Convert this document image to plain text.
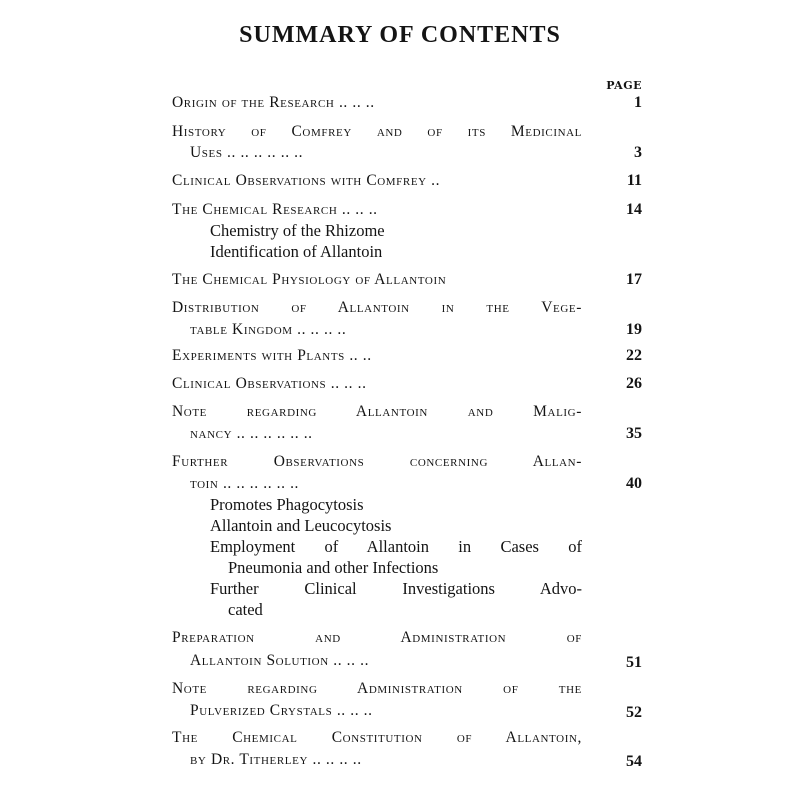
SUMMARY OF CONTENTS
PAGE
Origin of the Research .. .. ..	1
History of Comfrey and of its Medicinal
Uses .. .. .. .. .. ..	3
Clinical Observations with Comfrey ..	11
The Chemical Research .. .. ..	14
Chemistry of the Rhizome
Identification of Allantoin
The Chemical Physiology of Allantoin	17
Distribution of Allantoin in the Vege-
table Kingdom .. .. .. ..	19
Experiments with Plants .. ..	22
Clinical Observations .. .. ..	26
Note regarding Allantoin and Malig-
nancy .. .. .. .. .. ..	35
Further Observations concerning Allan-
toin .. .. .. .. .. ..	40
Promotes Phagocytosis
Allantoin and Leucocytosis
Employment of Allantoin in Cases of
Pneumonia and other Infections
Further Clinical Investigations Advo-
cated
Preparation and Administration of
Allantoin Solution .. .. ..	51
Note regarding Administration of the
Pulverized Crystals .. .. ..	52
The Chemical Constitution of Allantoin,
by Dr. Titherley .. .. .. ..	54
